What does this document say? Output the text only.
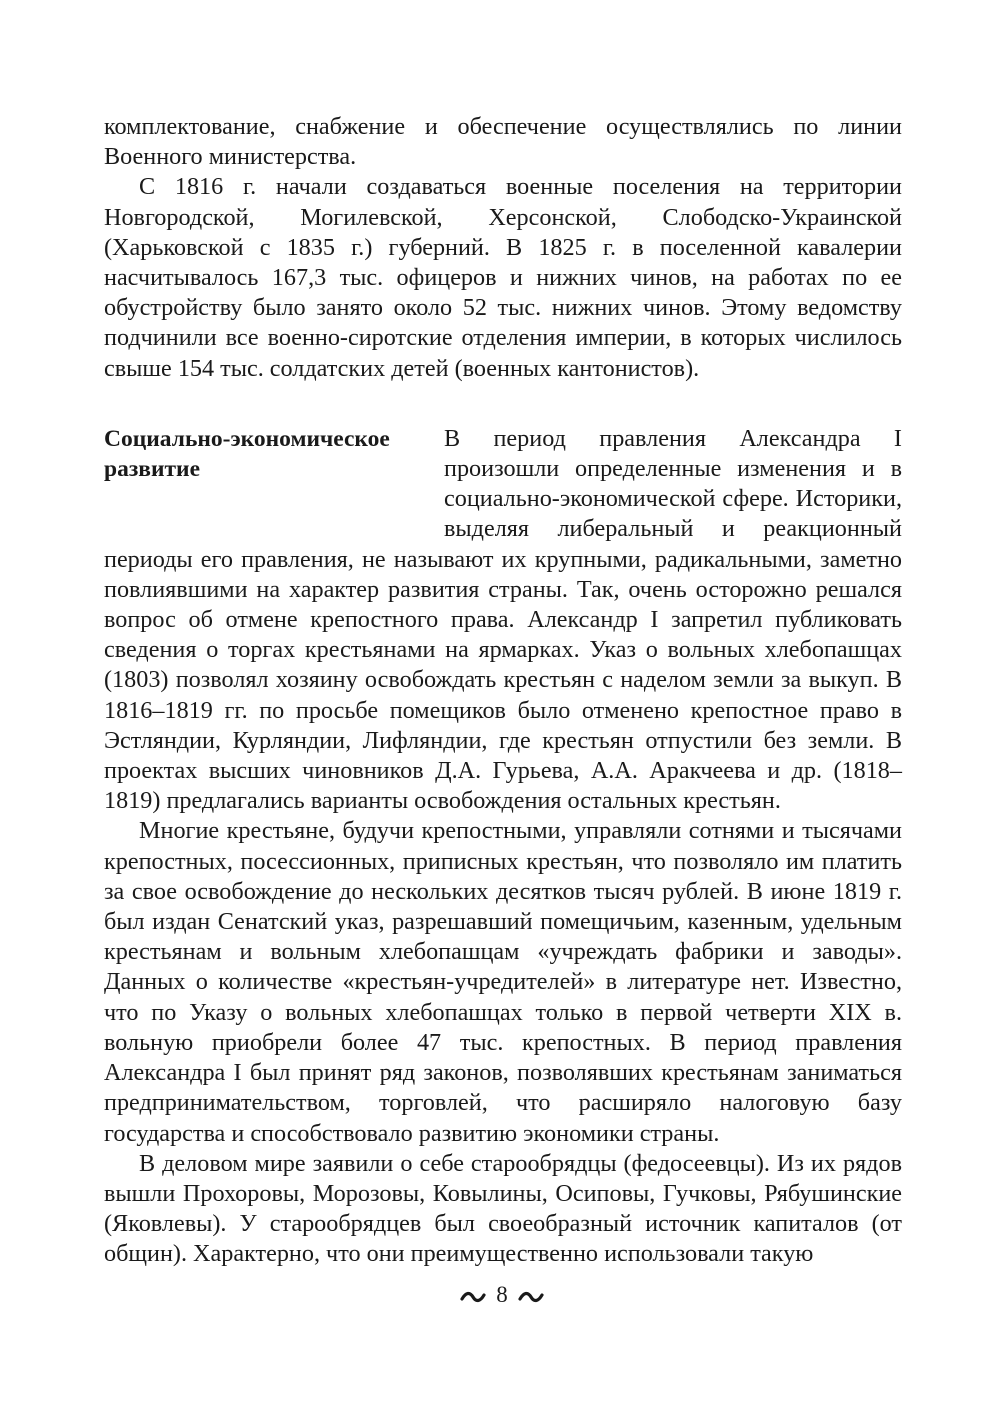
комплектование, снабжение и обеспечение осуществлялись по линии Военного министерства.

С 1816 г. начали создаваться военные поселения на территории Новгородской, Могилевской, Херсонской, Слободско-Украинской (Харьковской с 1835 г.) губерний. В 1825 г. в поселенной кавалерии насчитывалось 167,3 тыс. офицеров и нижних чинов, на работах по ее обустройству было занято около 52 тыс. нижних чинов. Этому ведомству подчинили все военно-сиротские отделения империи, в которых числилось свыше 154 тыс. солдатских детей (военных кантонистов).

Социально-экономическое
развитие

В период правления Александра I произошли определенные изменения и в социально-экономической сфере. Историки, выделяя либеральный и реакционный периоды его правления, не называют их крупными, радикальными, заметно повлиявшими на характер развития страны. Так, очень осторожно решался вопрос об отмене крепостного права. Александр I запретил публиковать сведения о торгах крестьянами на ярмарках. Указ о вольных хлебопашцах (1803) позволял хозяину освобождать крестьян с наделом земли за выкуп. В 1816–1819 гг. по просьбе помещиков было отменено крепостное право в Эстляндии, Курляндии, Лифляндии, где крестьян отпустили без земли. В проектах высших чиновников Д.А. Гурьева, А.А. Аракчеева и др. (1818–1819) предлагались варианты освобождения остальных крестьян.

Многие крестьяне, будучи крепостными, управляли сотнями и тысячами крепостных, посессионных, приписных крестьян, что позволяло им платить за свое освобождение до нескольких десятков тысяч рублей. В июне 1819 г. был издан Сенатский указ, разрешавший помещичьим, казенным, удельным крестьянам и вольным хлебопашцам «учреждать фабрики и заводы». Данных о количестве «крестьян-учредителей» в литературе нет. Известно, что по Указу о вольных хлебопашцах только в первой четверти XIX в. вольную приобрели более 47 тыс. крепостных. В период правления Александра I был принят ряд законов, позволявших крестьянам заниматься предпринимательством, торговлей, что расширяло налоговую базу государства и способствовало развитию экономики страны.

В деловом мире заявили о себе старообрядцы (федосеевцы). Из их рядов вышли Прохоровы, Морозовы, Ковылины, Осиповы, Гучковы, Рябушинские (Яковлевы). У старообрядцев был своеобразный источник капиталов (от общин). Характерно, что они преимущественно использовали такую

8
